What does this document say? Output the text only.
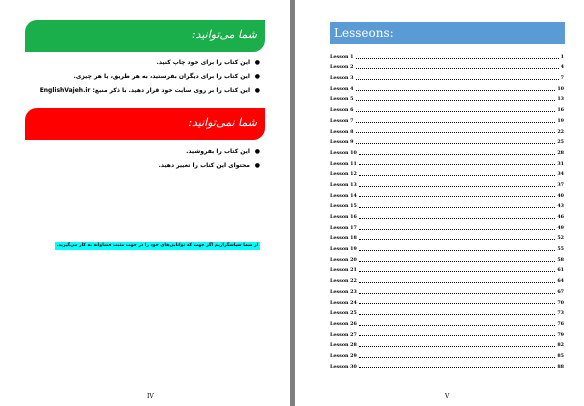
شما می‌توانید:
●
این کتاب را برای خود چاپ کنید.
●
این کتاب را برای دیگران بفرستید، به هر طریق، یا هر چیزی.
●
این کتاب را بر روی سایت خود قرار دهید. با ذکر منبع: EnglishVajeh.ir
شما نمی‌توانید:
●
این کتاب را بفروشید.
●
محتوای این کتاب را تغییر دهید.
از شما سپاسگزاریم اگر جهت که توانایی‌های خود را در جهت مثبت فشاوانه به کار می‌گیرید.
IV
Lesseons:
Lesson 1	1
Lesson 2	4
Lesson 3	7
Lesson 4	10
Lesson 5	13
Lesson 6	16
Lesson 7	19
Lesson 8	22
Lesson 9	25
Lesson 10	28
Lesson 11	31
Lesson 12	34
Lesson 13	37
Lesson 14	40
Lesson 15	43
Lesson 16	46
Lesson 17	49
Lesson 18	52
Lesson 19	55
Lesson 20	58
Lesson 21	61
Lesson 22	64
Lesson 23	67
Lesson 24	70
Lesson 25	73
Lesson 26	76
Lesson 27	79
Lesson 28	82
Lesson 29	85
Lesson 30	88
V
